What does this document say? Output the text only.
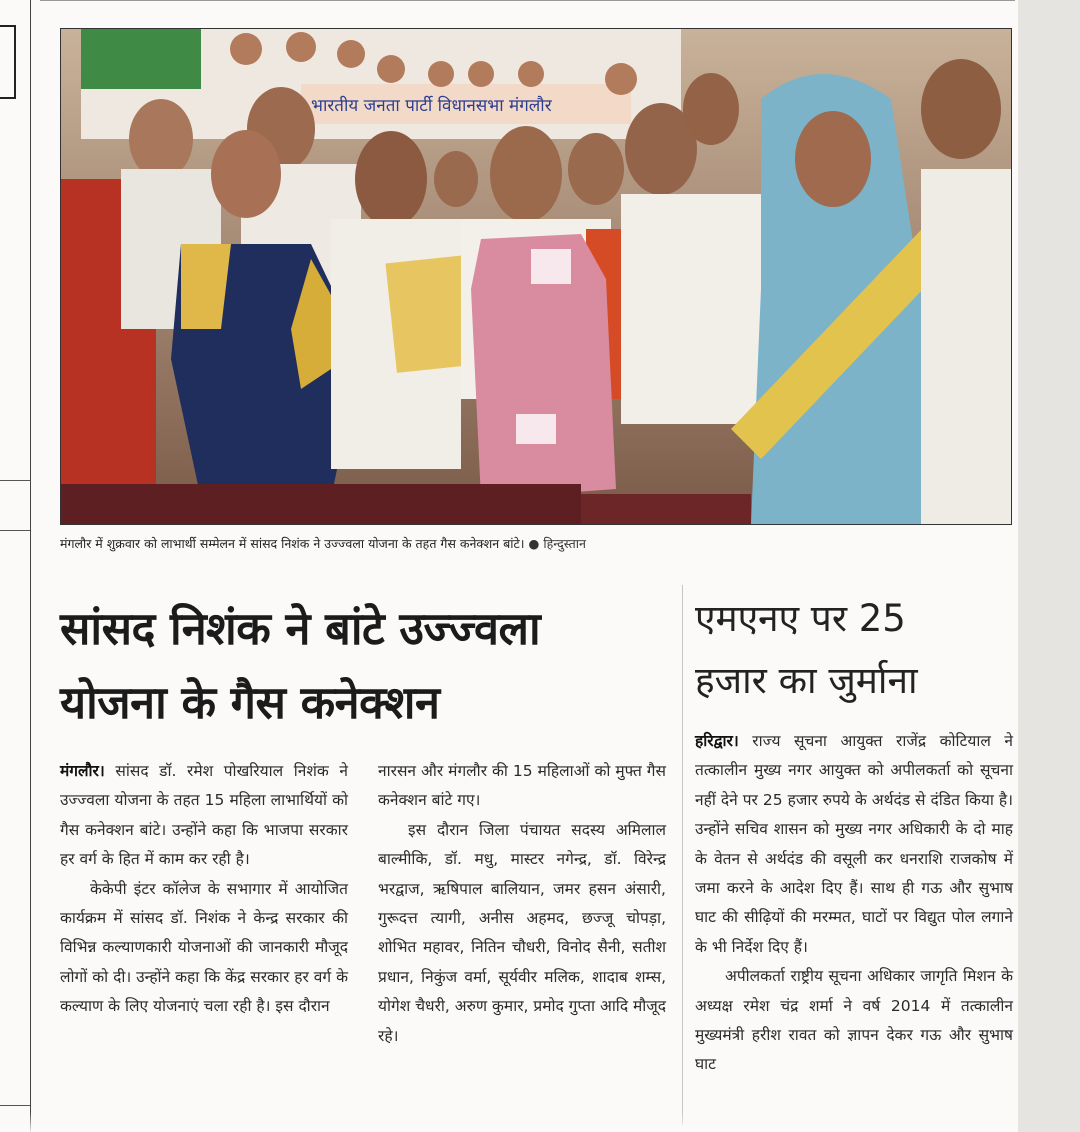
भारतीय जनता पार्टी विधानसभा मंगलौर
मंगलौर में शुक्रवार को लाभार्थी सम्मेलन में सांसद निशंक ने उज्ज्वला योजना के तहत गैस कनेक्शन बांटे। ● हिन्दुस्तान
सांसद निशंक ने बांटे उज्ज्वला
योजना के गैस कनेक्शन

मंगलौर। सांसद डॉ. रमेश पोखरियाल निशंक ने उज्ज्वला योजना के तहत 15 महिला लाभार्थियों को गैस कनेक्शन बांटे। उन्होंने कहा कि भाजपा सरकार हर वर्ग के हित में काम कर रही है।

केकेपी इंटर कॉलेज के सभागार में आयोजित कार्यक्रम में सांसद डॉ. निशंक ने केन्द्र सरकार की विभिन्न कल्याणकारी योजनाओं की जानकारी मौजूद लोगों को दी। उन्होंने कहा कि केंद्र सरकार हर वर्ग के कल्याण के लिए योजनाएं चला रही है। इस दौरान

नारसन और मंगलौर की 15 महिलाओं को मुफ्त गैस कनेक्शन बांटे गए।

इस दौरान जिला पंचायत सदस्य अमिलाल बाल्मीकि, डॉ. मधु, मास्टर नगेन्द्र, डॉ. विरेन्द्र भरद्वाज, ऋषिपाल बालियान, जमर हसन अंसारी, गुरूदत्त त्यागी, अनीस अहमद, छज्जू चोपड़ा, शोभित महावर, नितिन चौधरी, विनोद सैनी, सतीश प्रधान, निकुंज वर्मा, सूर्यवीर मलिक, शादाब शम्स, योगेश चैधरी, अरुण कुमार, प्रमोद गुप्ता आदि मौजूद रहे।

एमएनए पर 25
हजार का जुर्माना

हरिद्वार। राज्य सूचना आयुक्त राजेंद्र कोटियाल ने तत्कालीन मुख्य नगर आयुक्त को अपीलकर्ता को सूचना नहीं देने पर 25 हजार रुपये के अर्थदंड से दंडित किया है। उन्होंने सचिव शासन को मुख्य नगर अधिकारी के दो माह के वेतन से अर्थदंड की वसूली कर धनराशि राजकोष में जमा करने के आदेश दिए हैं। साथ ही गऊ और सुभाष घाट की सीढ़ियों की मरम्मत, घाटों पर विद्युत पोल लगाने के भी निर्देश दिए हैं।

अपीलकर्ता राष्ट्रीय सूचना अधिकार जागृति मिशन के अध्यक्ष रमेश चंद्र शर्मा ने वर्ष 2014 में तत्कालीन मुख्यमंत्री हरीश रावत को ज्ञापन देकर गऊ और सुभाष घाट
